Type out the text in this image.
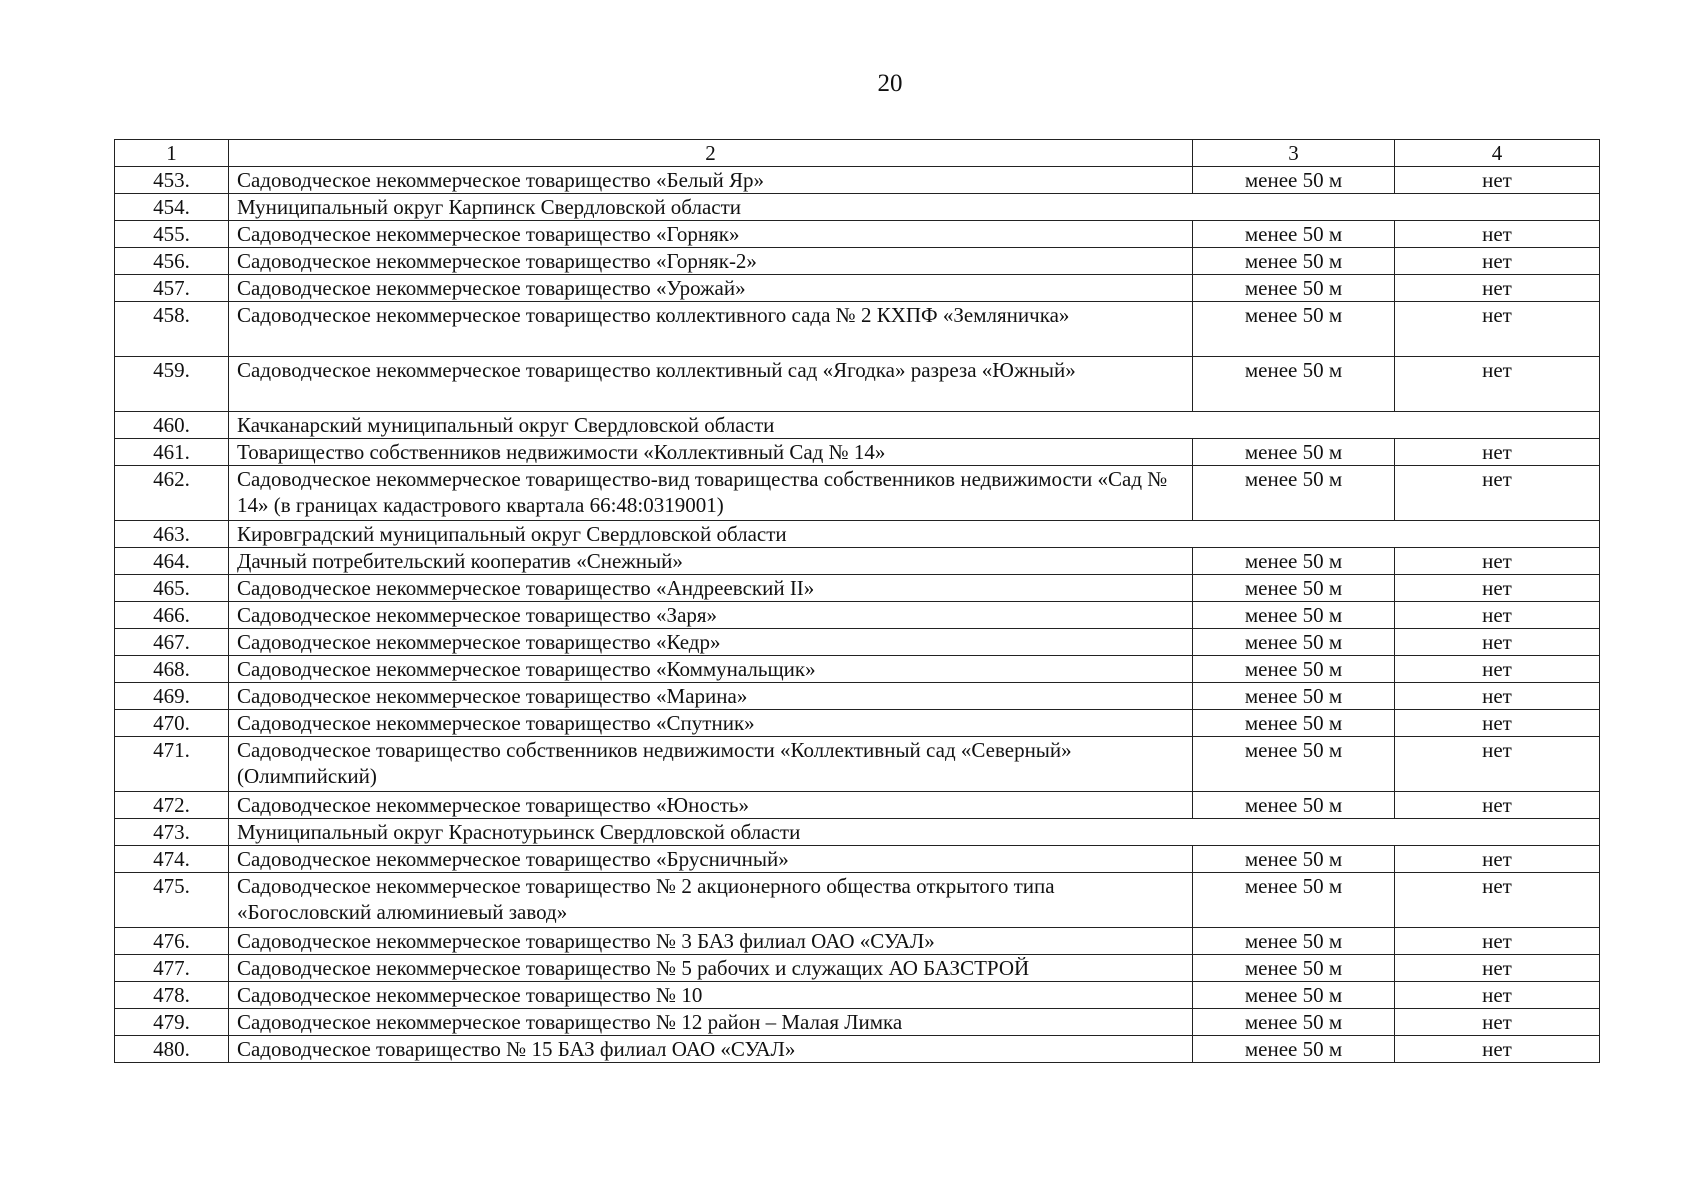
20
1	2	3	4
453.	Садоводческое некоммерческое товарищество «Белый Яр»	менее 50 м	нет
454.	Муниципальный округ Карпинск Свердловской области		
455.	Садоводческое некоммерческое товарищество «Горняк»	менее 50 м	нет
456.	Садоводческое некоммерческое товарищество «Горняк-2»	менее 50 м	нет
457.	Садоводческое некоммерческое товарищество «Урожай»	менее 50 м	нет
458.	Садоводческое некоммерческое товарищество коллективного сада № 2 КХПФ «Земляничка»	менее 50 м	нет
459.	Садоводческое некоммерческое товарищество коллективный сад «Ягодка» разреза «Южный»	менее 50 м	нет
460.	Качканарский муниципальный округ Свердловской области		
461.	Товарищество собственников недвижимости «Коллективный Сад № 14»	менее 50 м	нет
462.	Садоводческое некоммерческое товарищество-вид товарищества собственников недвижимости «Сад № 14» (в границах кадастрового квартала 66:48:0319001)	менее 50 м	нет
463.	Кировградский муниципальный округ Свердловской области		
464.	Дачный потребительский кооператив «Снежный»	менее 50 м	нет
465.	Садоводческое некоммерческое товарищество «Андреевский II»	менее 50 м	нет
466.	Садоводческое некоммерческое товарищество «Заря»	менее 50 м	нет
467.	Садоводческое некоммерческое товарищество «Кедр»	менее 50 м	нет
468.	Садоводческое некоммерческое товарищество «Коммунальщик»	менее 50 м	нет
469.	Садоводческое некоммерческое товарищество «Марина»	менее 50 м	нет
470.	Садоводческое некоммерческое товарищество «Спутник»	менее 50 м	нет
471.	Садоводческое товарищество собственников недвижимости «Коллективный сад «Северный» (Олимпийский)	менее 50 м	нет
472.	Садоводческое некоммерческое товарищество «Юность»	менее 50 м	нет
473.	Муниципальный округ Краснотурьинск Свердловской области		
474.	Садоводческое некоммерческое товарищество «Брусничный»	менее 50 м	нет
475.	Садоводческое некоммерческое товарищество № 2 акционерного общества открытого типа «Богословский алюминиевый завод»	менее 50 м	нет
476.	Садоводческое некоммерческое товарищество № 3 БАЗ филиал ОАО «СУАЛ»	менее 50 м	нет
477.	Садоводческое некоммерческое товарищество № 5 рабочих и служащих АО БАЗСТРОЙ	менее 50 м	нет
478.	Садоводческое некоммерческое товарищество № 10	менее 50 м	нет
479.	Садоводческое некоммерческое товарищество № 12 район – Малая Лимка	менее 50 м	нет
480.	Садоводческое товарищество № 15 БАЗ филиал ОАО «СУАЛ»	менее 50 м	нет
